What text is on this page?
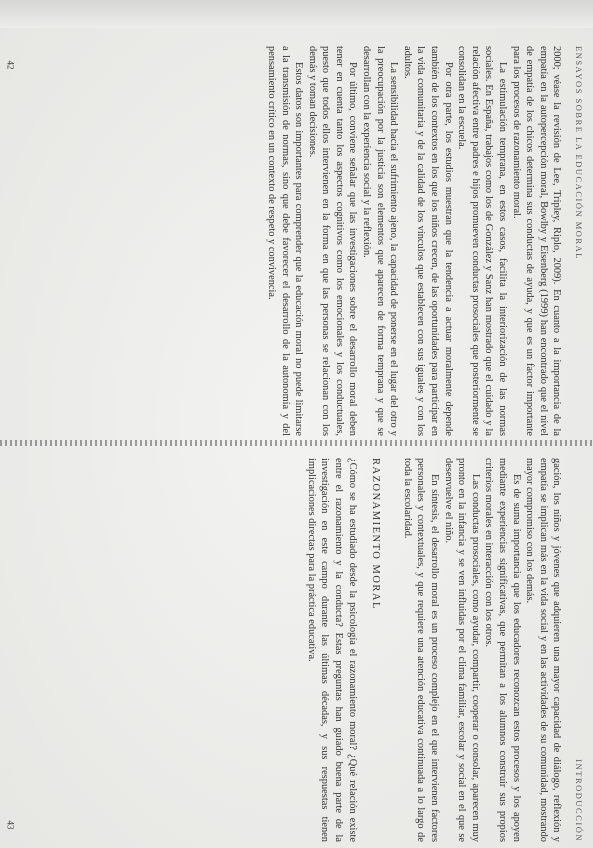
ENSAYOS SOBRE LA EDUCACIÓN MORAL

2000; véase la revisión de Lee, Tripley, Riplo, 2009). En cuanto a la importancia de la empatía en la autopercepción moral, Bowlby y Eisenberg (1999) han encontrado que el nivel de empatía de los chicos determina sus conductas de ayuda, y que es un factor importante para los procesos de razonamiento moral.

La estimulación temprana, en estos casos, facilita la interiorización de las normas sociales. En España, trabajos como los de González y Sanz han mostrado que el cuidado y la relación afectiva entre padres e hijos promueven conductas prosociales que posteriormente se consolidan en la escuela.

Por otra parte, los estudios muestran que la tendencia a actuar moralmente depende también de los contextos en los que los niños crecen, de las oportunidades para participar en la vida comunitaria y de la calidad de los vínculos que establecen con sus iguales y con los adultos.

La sensibilidad hacia el sufrimiento ajeno, la capacidad de ponerse en el lugar del otro y la preocupación por la justicia son elementos que aparecen de forma temprana y que se desarrollan con la experiencia social y la reflexión.

Por último, conviene señalar que las investigaciones sobre el desarrollo moral deben tener en cuenta tanto los aspectos cognitivos como los emocionales y los conductuales, puesto que todos ellos intervienen en la forma en que las personas se relacionan con los demás y toman decisiones.

Estos datos son importantes para comprender que la educación moral no puede limitarse a la transmisión de normas, sino que debe favorecer el desarrollo de la autonomía y del pensamiento crítico en un contexto de respeto y convivencia.

INTRODUCCIÓN

gación, los niños y jóvenes que adquieren una mayor capacidad de diálogo, reflexión y empatía se implican más en la vida social y en las actividades de su comunidad, mostrando mayor compromiso con los demás.

Es de suma importancia que los educadores reconozcan estos procesos y los apoyen mediante experiencias significativas, que permitan a los alumnos construir sus propios criterios morales en interacción con los otros.

Las conductas prosociales, como ayudar, compartir, cooperar o consolar, aparecen muy pronto en la infancia y se ven influidas por el clima familiar, escolar y social en el que se desenvuelve el niño.

En síntesis, el desarrollo moral es un proceso complejo en el que intervienen factores personales y contextuales, y que requiere una atención educativa continuada a lo largo de toda la escolaridad.

RAZONAMIENTO MORAL

¿Cómo se ha estudiado desde la psicología el razonamiento moral? ¿Qué relación existe entre el razonamiento y la conducta? Estas preguntas han guiado buena parte de la investigación en este campo durante las últimas décadas, y sus respuestas tienen implicaciones directas para la práctica educativa.

42
43
